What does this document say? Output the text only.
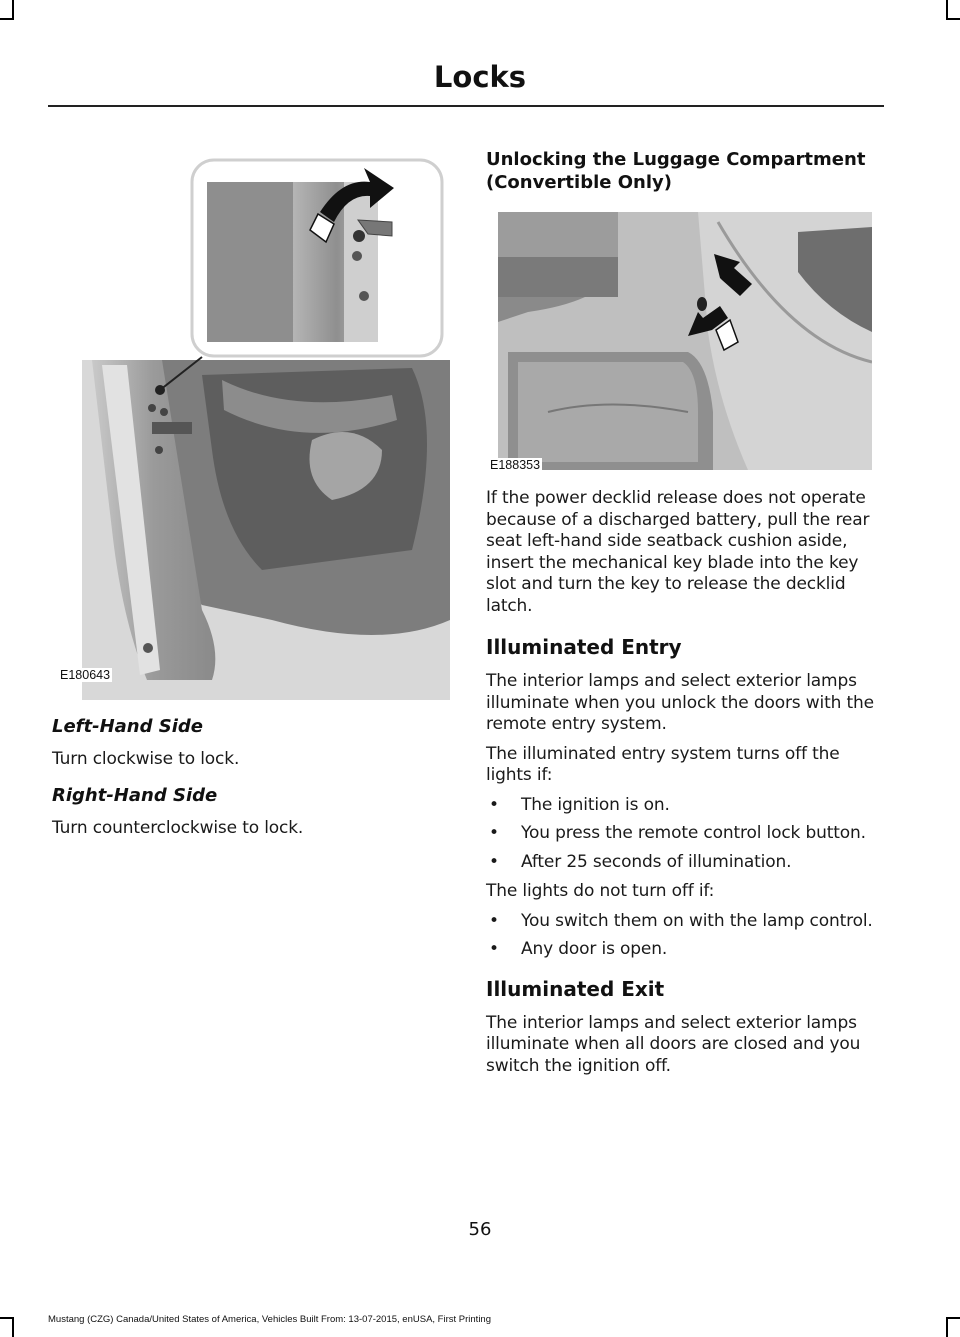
Locks
E180643
Left-Hand Side

Turn clockwise to lock.

Right-Hand Side

Turn counterclockwise to lock.

Unlocking the Luggage Compartment (Convertible Only)
E188353

If the power decklid release does not operate because of a discharged battery, pull the rear seat left-hand side seatback cushion aside, insert the mechanical key blade into the key slot and turn the key to release the decklid latch.

Illuminated Entry

The interior lamps and select exterior lamps illuminate when you unlock the doors with the remote entry system.

The illuminated entry system turns off the lights if:

• The ignition is on.
• You press the remote control lock button.
• After 25 seconds of illumination.

The lights do not turn off if:

• You switch them on with the lamp control.
• Any door is open.
Illuminated Exit

The interior lamps and select exterior lamps illuminate when all doors are closed and you switch the ignition off.

56
Mustang (CZG) Canada/United States of America, Vehicles Built From: 13-07-2015, enUSA, First Printing
